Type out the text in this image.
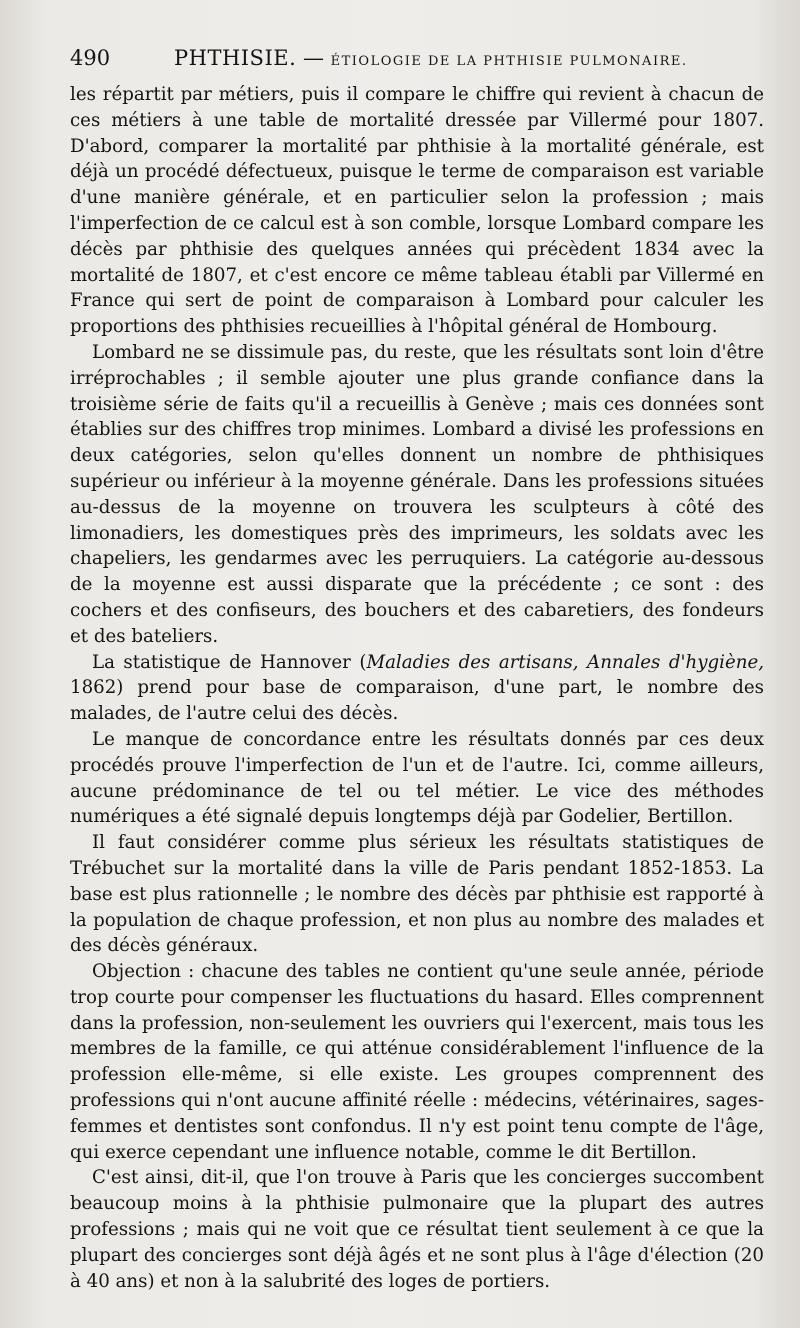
490	PHTHISIE. — ÉTIOLOGIE DE LA PHTHISIE PULMONAIRE.

les répartit par métiers, puis il compare le chiffre qui revient à chacun de ces métiers à une table de mortalité dressée par Villermé pour 1807. D'abord, comparer la mortalité par phthisie à la mortalité générale, est déjà un procédé défectueux, puisque le terme de comparaison est variable d'une manière générale, et en particulier selon la profession ; mais l'imperfection de ce calcul est à son comble, lorsque Lombard compare les décès par phthisie des quelques années qui précèdent 1834 avec la mortalité de 1807, et c'est encore ce même tableau établi par Villermé en France qui sert de point de comparaison à Lombard pour calculer les proportions des phthisies recueillies à l'hôpital général de Hombourg.

Lombard ne se dissimule pas, du reste, que les résultats sont loin d'être irréprochables ; il semble ajouter une plus grande confiance dans la troisième série de faits qu'il a recueillis à Genève ; mais ces données sont établies sur des chiffres trop minimes. Lombard a divisé les professions en deux catégories, selon qu'elles donnent un nombre de phthisiques supérieur ou inférieur à la moyenne générale. Dans les professions situées au-dessus de la moyenne on trouvera les sculpteurs à côté des limonadiers, les domestiques près des imprimeurs, les soldats avec les chapeliers, les gendarmes avec les perruquiers. La catégorie au-dessous de la moyenne est aussi disparate que la précédente ; ce sont : des cochers et des confiseurs, des bouchers et des cabaretiers, des fondeurs et des bateliers.

La statistique de Hannover (Maladies des artisans, Annales d'hygiène, 1862) prend pour base de comparaison, d'une part, le nombre des malades, de l'autre celui des décès.

Le manque de concordance entre les résultats donnés par ces deux procédés prouve l'imperfection de l'un et de l'autre. Ici, comme ailleurs, aucune prédominance de tel ou tel métier. Le vice des méthodes numériques a été signalé depuis longtemps déjà par Godelier, Bertillon.

Il faut considérer comme plus sérieux les résultats statistiques de Trébuchet sur la mortalité dans la ville de Paris pendant 1852-1853. La base est plus rationnelle ; le nombre des décès par phthisie est rapporté à la population de chaque profession, et non plus au nombre des malades et des décès généraux.

Objection : chacune des tables ne contient qu'une seule année, période trop courte pour compenser les fluctuations du hasard. Elles comprennent dans la profession, non-seulement les ouvriers qui l'exercent, mais tous les membres de la famille, ce qui atténue considérablement l'influence de la profession elle-même, si elle existe. Les groupes comprennent des professions qui n'ont aucune affinité réelle : médecins, vétérinaires, sages-femmes et dentistes sont confondus. Il n'y est point tenu compte de l'âge, qui exerce cependant une influence notable, comme le dit Bertillon.

C'est ainsi, dit-il, que l'on trouve à Paris que les concierges succombent beaucoup moins à la phthisie pulmonaire que la plupart des autres professions ; mais qui ne voit que ce résultat tient seulement à ce que la plupart des concierges sont déjà âgés et ne sont plus à l'âge d'élection (20 à 40 ans) et non à la salubrité des loges de portiers.
